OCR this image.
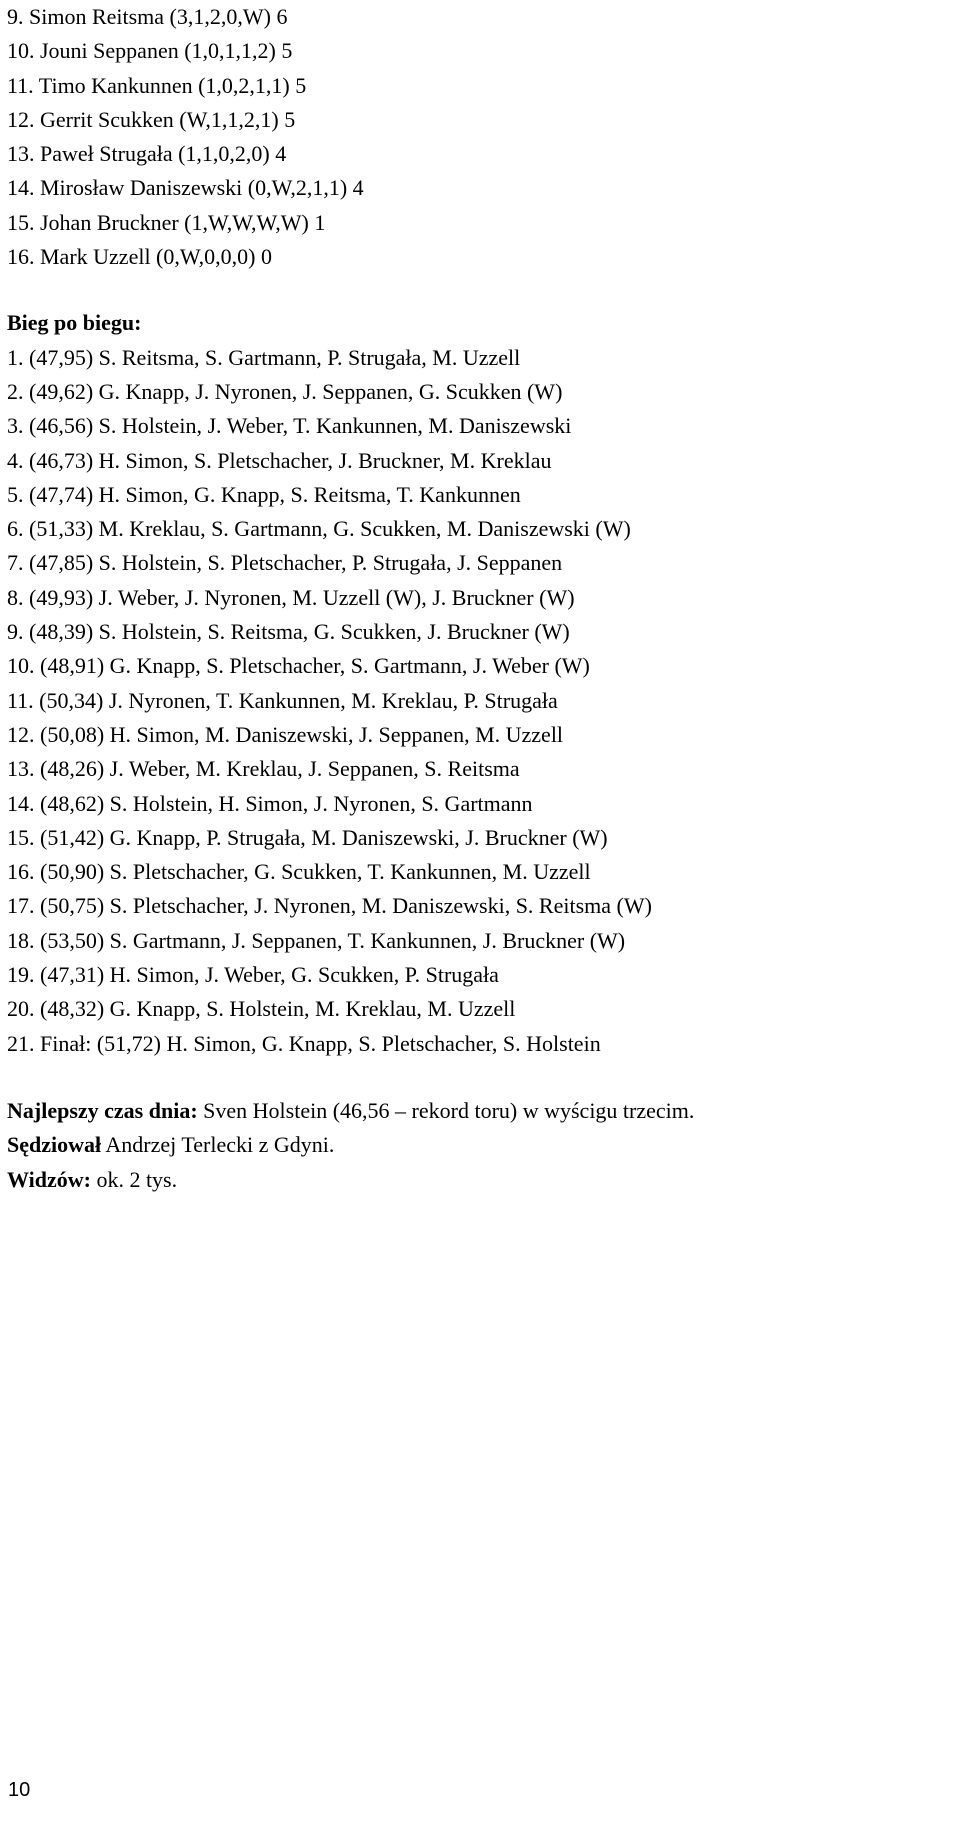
9. Simon Reitsma (3,1,2,0,W) 6
10. Jouni Seppanen (1,0,1,1,2) 5
11. Timo Kankunnen (1,0,2,1,1) 5
12. Gerrit Scukken (W,1,1,2,1) 5
13. Paweł Strugała (1,1,0,2,0) 4
14. Mirosław Daniszewski (0,W,2,1,1) 4
15. Johan Bruckner (1,W,W,W,W) 1
16. Mark Uzzell (0,W,0,0,0) 0
Bieg po biegu:
1. (47,95) S. Reitsma, S. Gartmann, P. Strugała, M. Uzzell
2. (49,62) G. Knapp, J. Nyronen, J. Seppanen, G. Scukken (W)
3. (46,56) S. Holstein, J. Weber, T. Kankunnen, M. Daniszewski
4. (46,73) H. Simon, S. Pletschacher, J. Bruckner, M. Kreklau
5. (47,74) H. Simon, G. Knapp, S. Reitsma, T. Kankunnen
6. (51,33) M. Kreklau, S. Gartmann, G. Scukken, M. Daniszewski (W)
7. (47,85) S. Holstein, S. Pletschacher, P. Strugała, J. Seppanen
8. (49,93) J. Weber, J. Nyronen, M. Uzzell (W), J. Bruckner (W)
9. (48,39) S. Holstein, S. Reitsma, G. Scukken, J. Bruckner (W)
10. (48,91) G. Knapp, S. Pletschacher, S. Gartmann, J. Weber (W)
11. (50,34) J. Nyronen, T. Kankunnen, M. Kreklau, P. Strugała
12. (50,08) H. Simon, M. Daniszewski, J. Seppanen, M. Uzzell
13. (48,26) J. Weber, M. Kreklau, J. Seppanen, S. Reitsma
14. (48,62) S. Holstein, H. Simon, J. Nyronen, S. Gartmann
15. (51,42) G. Knapp, P. Strugała, M. Daniszewski, J. Bruckner (W)
16. (50,90) S. Pletschacher, G. Scukken, T. Kankunnen, M. Uzzell
17. (50,75) S. Pletschacher, J. Nyronen, M. Daniszewski, S. Reitsma (W)
18. (53,50) S. Gartmann, J. Seppanen, T. Kankunnen, J. Bruckner (W)
19. (47,31) H. Simon, J. Weber, G. Scukken, P. Strugała
20. (48,32) G. Knapp, S. Holstein, M. Kreklau, M. Uzzell
21. Finał: (51,72) H. Simon, G. Knapp, S. Pletschacher, S. Holstein
Najlepszy czas dnia: Sven Holstein (46,56 – rekord toru) w wyścigu trzecim.
Sędziował Andrzej Terlecki z Gdyni.
Widzów: ok. 2 tys.
10
